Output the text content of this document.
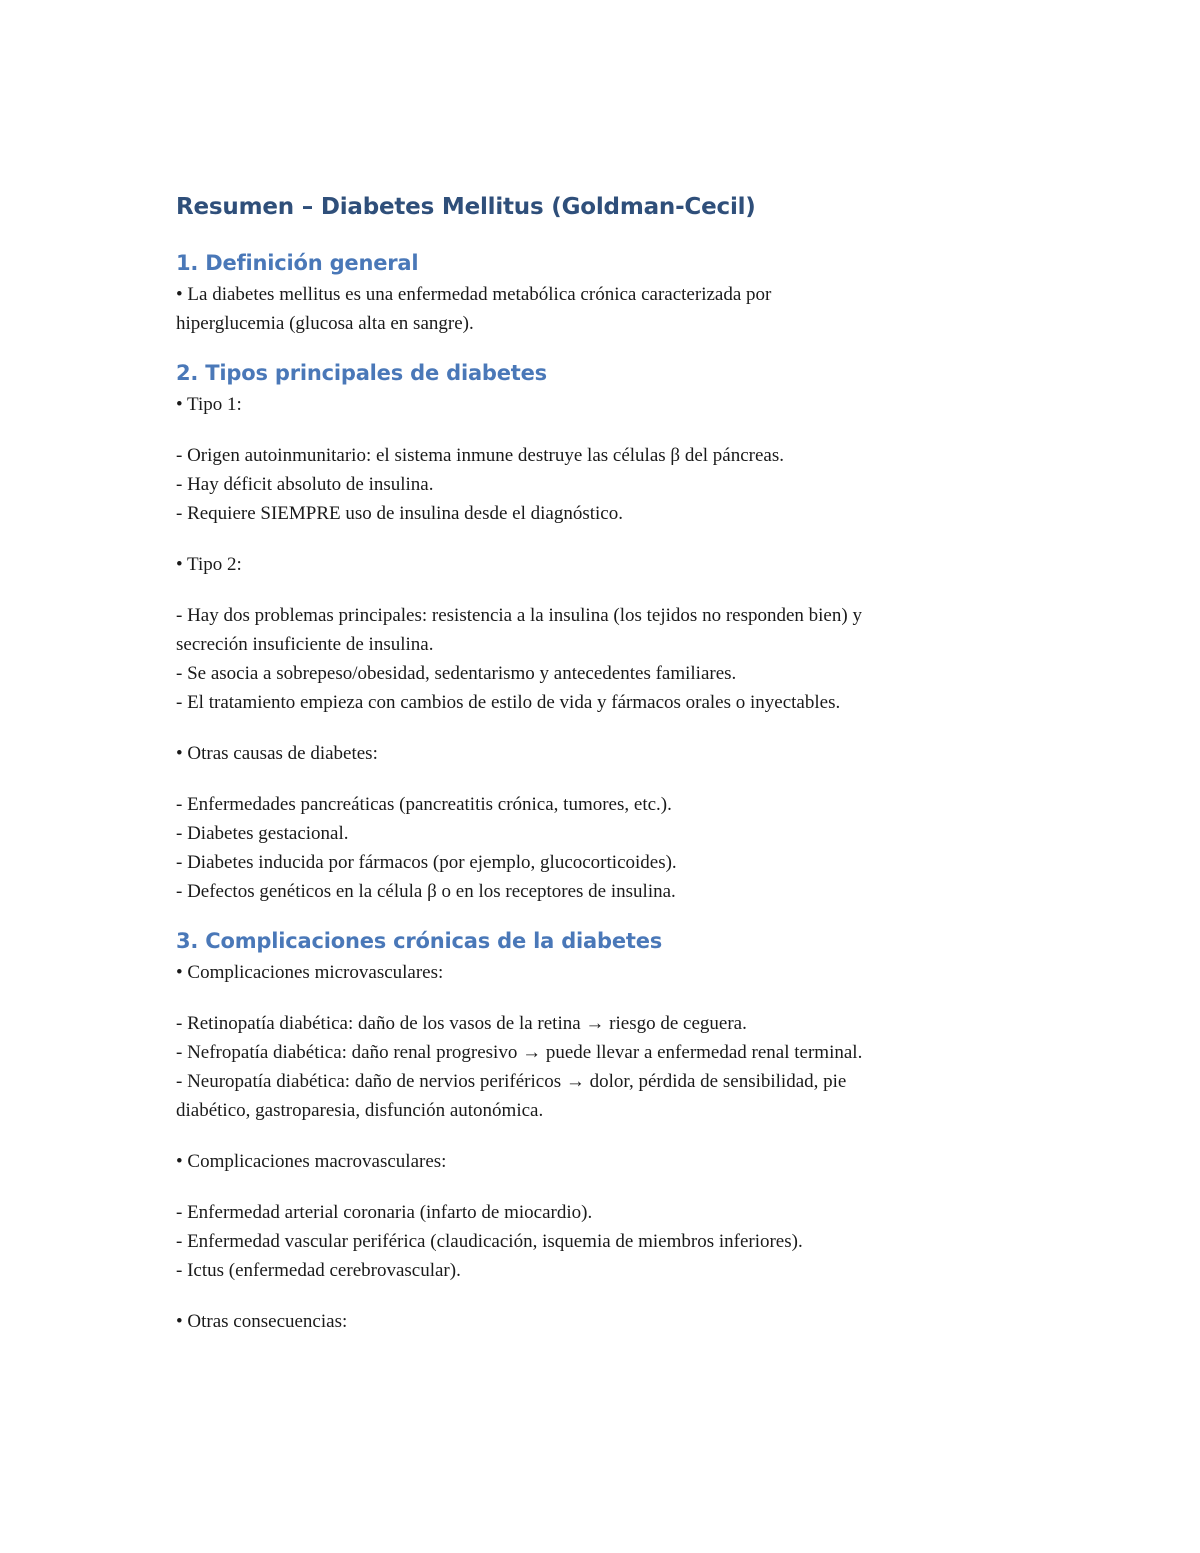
Resumen – Diabetes Mellitus (Goldman-Cecil)
1. Definición general

• La diabetes mellitus es una enfermedad metabólica crónica caracterizada por

hiperglucemia (glucosa alta en sangre).

2. Tipos principales de diabetes

• Tipo 1:

- Origen autoinmunitario: el sistema inmune destruye las células β del páncreas.

- Hay déficit absoluto de insulina.

- Requiere SIEMPRE uso de insulina desde el diagnóstico.

• Tipo 2:

- Hay dos problemas principales: resistencia a la insulina (los tejidos no responden bien) y

secreción insuficiente de insulina.

- Se asocia a sobrepeso/obesidad, sedentarismo y antecedentes familiares.

- El tratamiento empieza con cambios de estilo de vida y fármacos orales o inyectables.

• Otras causas de diabetes:

- Enfermedades pancreáticas (pancreatitis crónica, tumores, etc.).

- Diabetes gestacional.

- Diabetes inducida por fármacos (por ejemplo, glucocorticoides).

- Defectos genéticos en la célula β o en los receptores de insulina.

3. Complicaciones crónicas de la diabetes

• Complicaciones microvasculares:

- Retinopatía diabética: daño de los vasos de la retina → riesgo de ceguera.

- Nefropatía diabética: daño renal progresivo → puede llevar a enfermedad renal terminal.

- Neuropatía diabética: daño de nervios periféricos → dolor, pérdida de sensibilidad, pie

diabético, gastroparesia, disfunción autonómica.

• Complicaciones macrovasculares:

- Enfermedad arterial coronaria (infarto de miocardio).

- Enfermedad vascular periférica (claudicación, isquemia de miembros inferiores).

- Ictus (enfermedad cerebrovascular).

• Otras consecuencias:
